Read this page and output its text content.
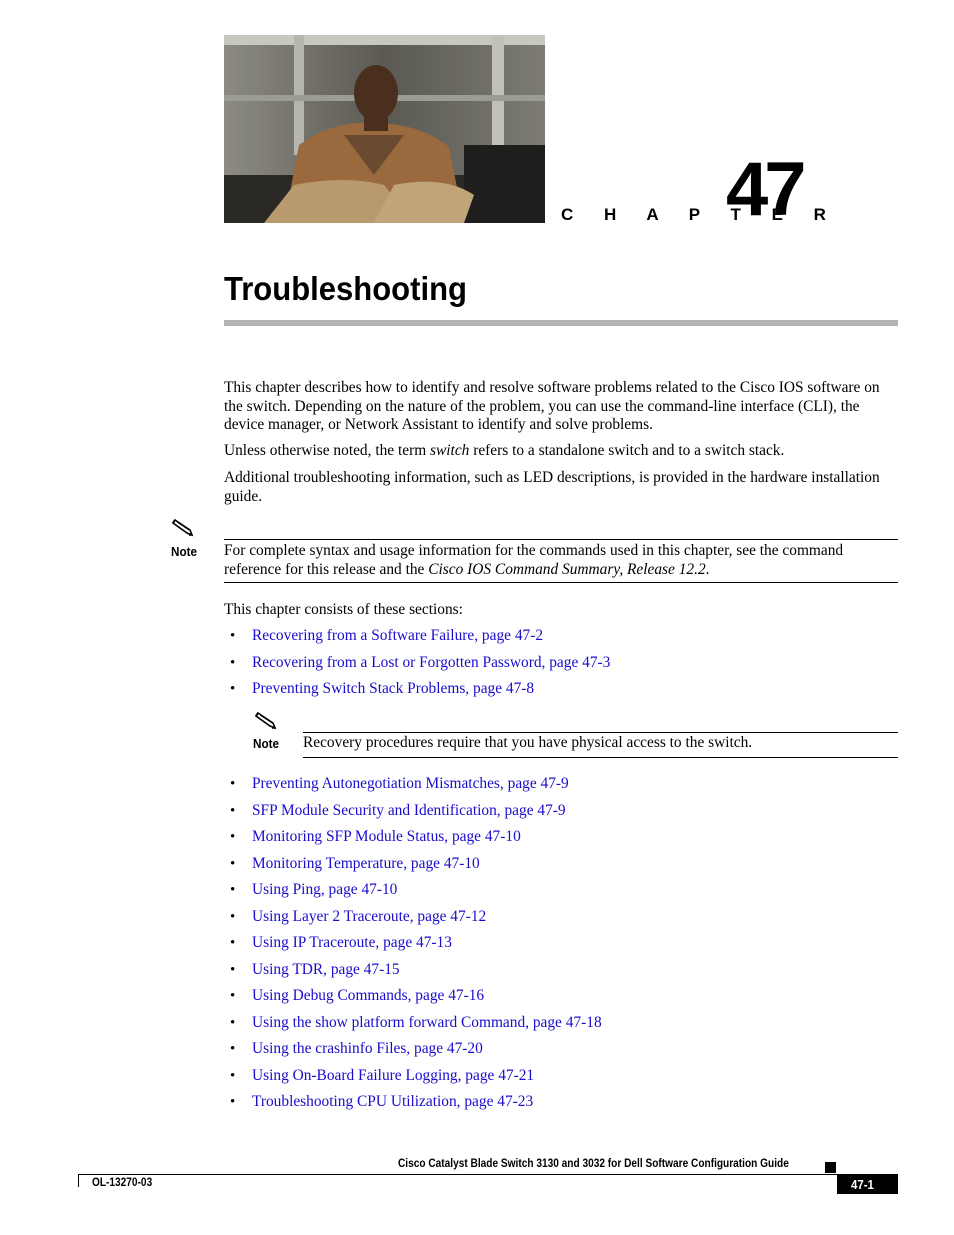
C H A P T E R
47
Troubleshooting
This chapter describes how to identify and resolve software problems related to the Cisco IOS software on the switch. Depending on the nature of the problem, you can use the command-line interface (CLI), the device manager, or Network Assistant to identify and solve problems.
Unless otherwise noted, the term switch refers to a standalone switch and to a switch stack.
Additional troubleshooting information, such as LED descriptions, is provided in the hardware installation guide.
Note For complete syntax and usage information for the commands used in this chapter, see the command reference for this release and the Cisco IOS Command Summary, Release 12.2.
This chapter consists of these sections:
• Recovering from a Software Failure, page 47-2
• Recovering from a Lost or Forgotten Password, page 47-3
• Preventing Switch Stack Problems, page 47-8
Note Recovery procedures require that you have physical access to the switch.
• Preventing Autonegotiation Mismatches, page 47-9
• SFP Module Security and Identification, page 47-9
• Monitoring SFP Module Status, page 47-10
• Monitoring Temperature, page 47-10
• Using Ping, page 47-10
• Using Layer 2 Traceroute, page 47-12
• Using IP Traceroute, page 47-13
• Using TDR, page 47-15
• Using Debug Commands, page 47-16
• Using the show platform forward Command, page 47-18
• Using the crashinfo Files, page 47-20
• Using On-Board Failure Logging, page 47-21
• Troubleshooting CPU Utilization, page 47-23
Cisco Catalyst Blade Switch 3130 and 3032 for Dell Software Configuration Guide
OL-13270-03	47-1
